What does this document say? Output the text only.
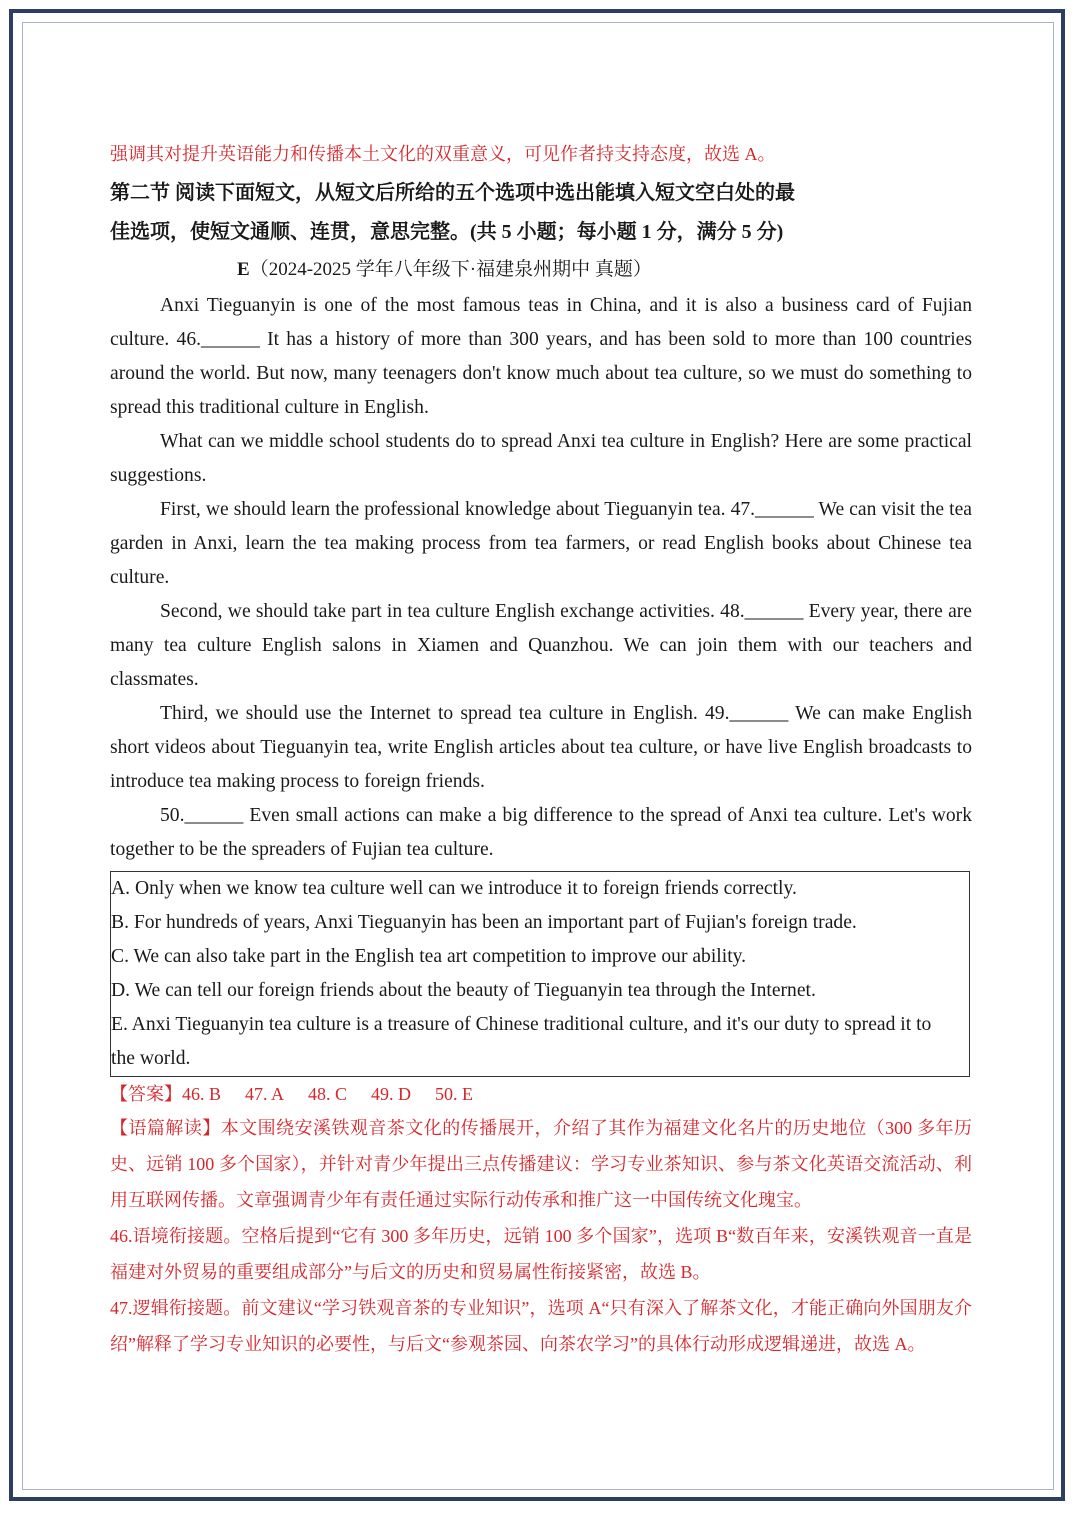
强调其对提升英语能力和传播本土文化的双重意义，可见作者持支持态度，故选 A。
第二节 阅读下面短文，从短文后所给的五个选项中选出能填入短文空白处的最
佳选项，使短文通顺、连贯，意思完整。(共 5 小题；每小题 1 分，满分 5 分)
E（2024-2025 学年八年级下·福建泉州期中 真题）

Anxi Tieguanyin is one of the most famous teas in China, and it is also a business card of Fujian culture. 46.______ It has a history of more than 300 years, and has been sold to more than 100 countries around the world. But now, many teenagers don't know much about tea culture, so we must do something to spread this traditional culture in English.

What can we middle school students do to spread Anxi tea culture in English? Here are some practical suggestions.

First, we should learn the professional knowledge about Tieguanyin tea. 47.______ We can visit the tea garden in Anxi, learn the tea making process from tea farmers, or read English books about Chinese tea culture.

Second, we should take part in tea culture English exchange activities. 48.______ Every year, there are many tea culture English salons in Xiamen and Quanzhou. We can join them with our teachers and classmates.

Third, we should use the Internet to spread tea culture in English. 49.______ We can make English short videos about Tieguanyin tea, write English articles about tea culture, or have live English broadcasts to introduce tea making process to foreign friends.

50.______ Even small actions can make a big difference to the spread of Anxi tea culture. Let's work together to be the spreaders of Fujian tea culture.

A. Only when we know tea culture well can we introduce it to foreign friends correctly.
B. For hundreds of years, Anxi Tieguanyin has been an important part of Fujian's foreign trade.
C. We can also take part in the English tea art competition to improve our ability.
D. We can tell our foreign friends about the beauty of Tieguanyin tea through the Internet.
E. Anxi Tieguanyin tea culture is a treasure of Chinese traditional culture, and it's our duty to spread it to the world.
【答案】46. B 47. A 48. C 49. D 50. E

【语篇解读】本文围绕安溪铁观音茶文化的传播展开，介绍了其作为福建文化名片的历史地位（300 多年历史、远销 100 多个国家），并针对青少年提出三点传播建议：学习专业茶知识、参与茶文化英语交流活动、利用互联网传播。文章强调青少年有责任通过实际行动传承和推广这一中国传统文化瑰宝。

46.语境衔接题。空格后提到“它有 300 多年历史，远销 100 多个国家”，选项 B“数百年来，安溪铁观音一直是福建对外贸易的重要组成部分”与后文的历史和贸易属性衔接紧密，故选 B。

47.逻辑衔接题。前文建议“学习铁观音茶的专业知识”，选项 A“只有深入了解茶文化，才能正确向外国朋友介绍”解释了学习专业知识的必要性，与后文“参观茶园、向茶农学习”的具体行动形成逻辑递进，故选 A。
